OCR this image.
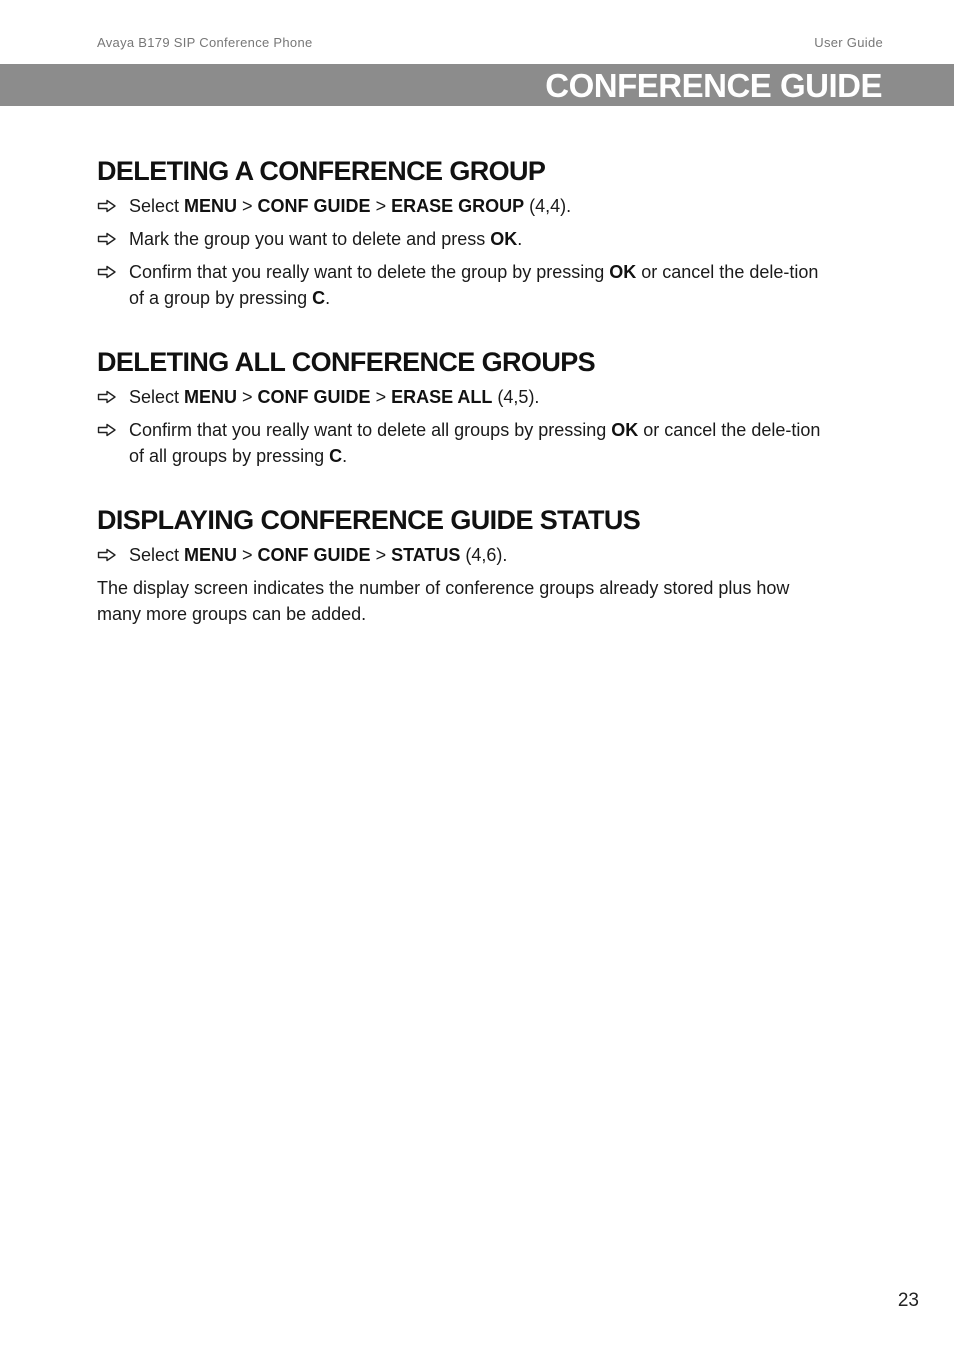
Avaya B179 SIP Conference Phone	User Guide
CONFERENCE GUIDE
DELETING A CONFERENCE GROUP
Select MENU > CONF GUIDE > ERASE GROUP (4,4).
Mark the group you want to delete and press OK.
Confirm that you really want to delete the group by pressing OK or cancel the dele-tion of a group by pressing C.
DELETING ALL CONFERENCE GROUPS
Select MENU > CONF GUIDE > ERASE ALL (4,5).
Confirm that you really want to delete all groups by pressing OK or cancel the dele-tion of all groups by pressing C.
DISPLAYING CONFERENCE GUIDE STATUS
Select MENU > CONF GUIDE > STATUS (4,6).

The display screen indicates the number of conference groups already stored plus how many more groups can be added.

23
